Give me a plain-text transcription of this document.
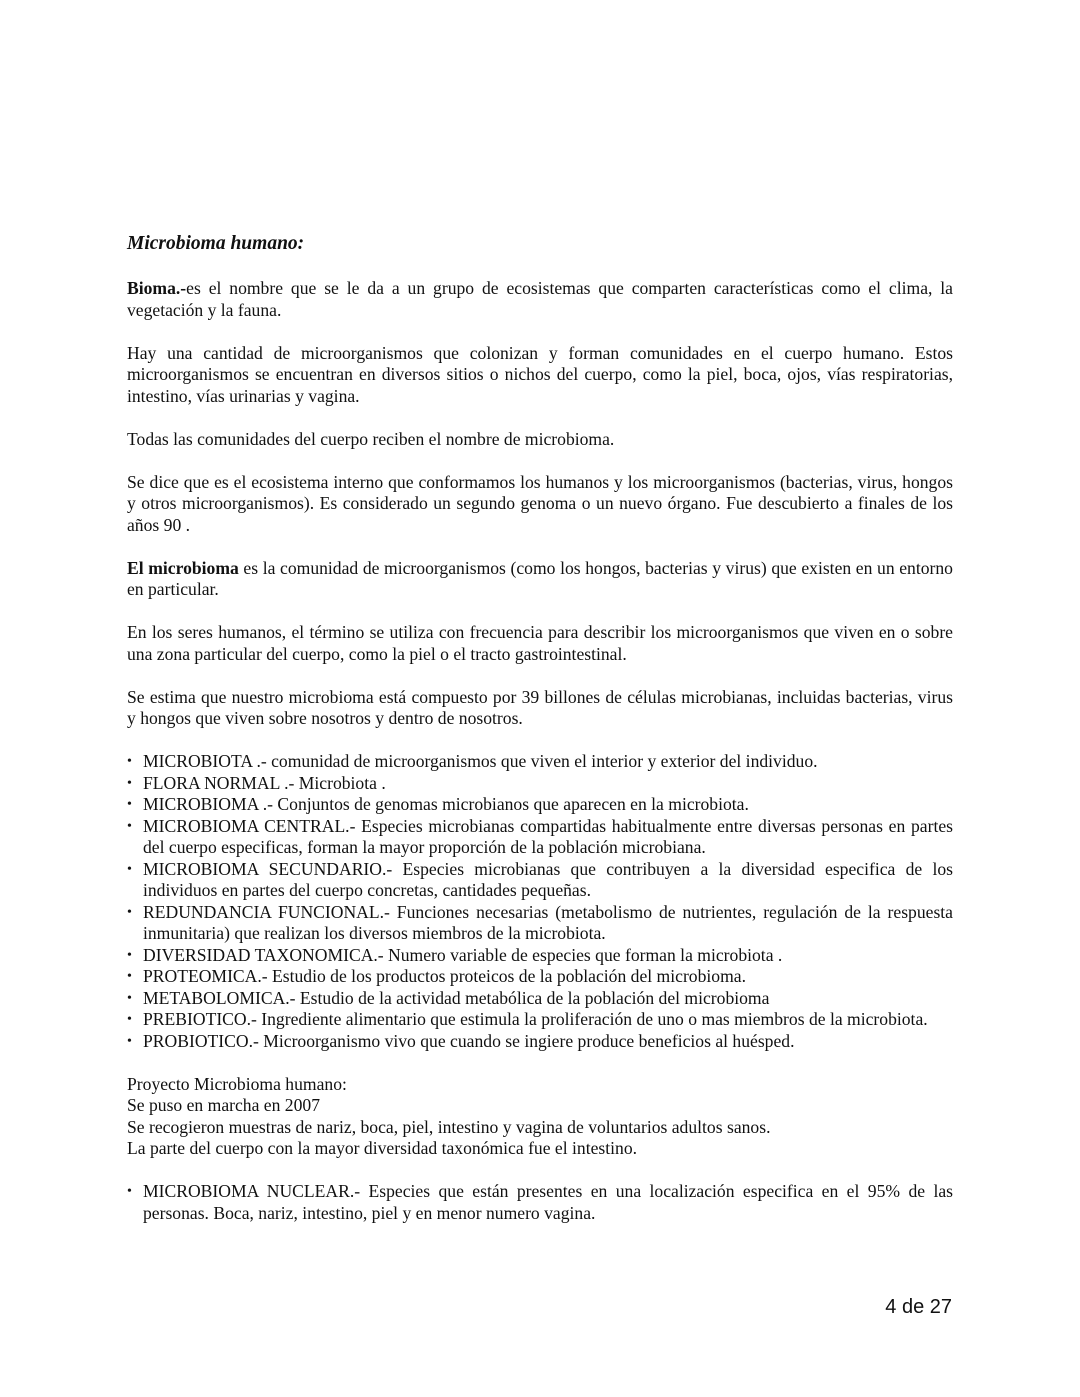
Microbioma humano:

Bioma.-es el nombre que se le da a un grupo de ecosistemas que comparten características como el clima, la vegetación y la fauna.

Hay una cantidad de microorganismos que colonizan y forman comunidades en el cuerpo humano. Estos microorganismos se encuentran en diversos sitios o nichos del cuerpo, como la piel, boca, ojos, vías respiratorias, intestino, vías urinarias y vagina.

Todas las comunidades del cuerpo reciben el nombre de microbioma.

Se dice que es el ecosistema interno que conformamos los humanos y los microorganismos (bacterias, virus, hongos y otros microorganismos). Es considerado un segundo genoma o un nuevo órgano. Fue descubierto a finales de los años 90 .

El microbioma es la comunidad de microorganismos (como los hongos, bacterias y virus) que existen en un entorno en particular.

En los seres humanos, el término se utiliza con frecuencia para describir los microorganismos que viven en o sobre una zona particular del cuerpo, como la piel o el tracto gastrointestinal.

Se estima que nuestro microbioma está compuesto por 39 billones de células microbianas, incluidas bacterias, virus y hongos que viven sobre nosotros y dentro de nosotros.

• MICROBIOTA .- comunidad de microorganismos que viven el interior y exterior del individuo.
• FLORA NORMAL .- Microbiota .
• MICROBIOMA .- Conjuntos de genomas microbianos que aparecen en la microbiota.
• MICROBIOMA CENTRAL.- Especies microbianas compartidas habitualmente entre diversas personas en partes del cuerpo especificas, forman la mayor proporción de la población microbiana.
• MICROBIOMA SECUNDARIO.- Especies microbianas que contribuyen a la diversidad especifica de los individuos en partes del cuerpo concretas, cantidades pequeñas.
• REDUNDANCIA FUNCIONAL.- Funciones necesarias (metabolismo de nutrientes, regulación de la respuesta inmunitaria) que realizan los diversos miembros de la microbiota.
• DIVERSIDAD TAXONOMICA.- Numero variable de especies que forman la microbiota .
• PROTEOMICA.- Estudio de los productos proteicos de la población del microbioma.
• METABOLOMICA.- Estudio de la actividad metabólica de la población del microbioma
• PREBIOTICO.- Ingrediente alimentario que estimula la proliferación de uno o mas miembros de la microbiota.
• PROBIOTICO.- Microorganismo vivo que cuando se ingiere produce beneficios al huésped.

Proyecto Microbioma humano:

Se puso en marcha en 2007

Se recogieron muestras de nariz, boca, piel, intestino y vagina de voluntarios adultos sanos.

La parte del cuerpo con la mayor diversidad taxonómica fue el intestino.

• MICROBIOMA NUCLEAR.- Especies que están presentes en una localización especifica en el 95% de las personas. Boca, nariz, intestino, piel y en menor numero vagina.
4 de 27
